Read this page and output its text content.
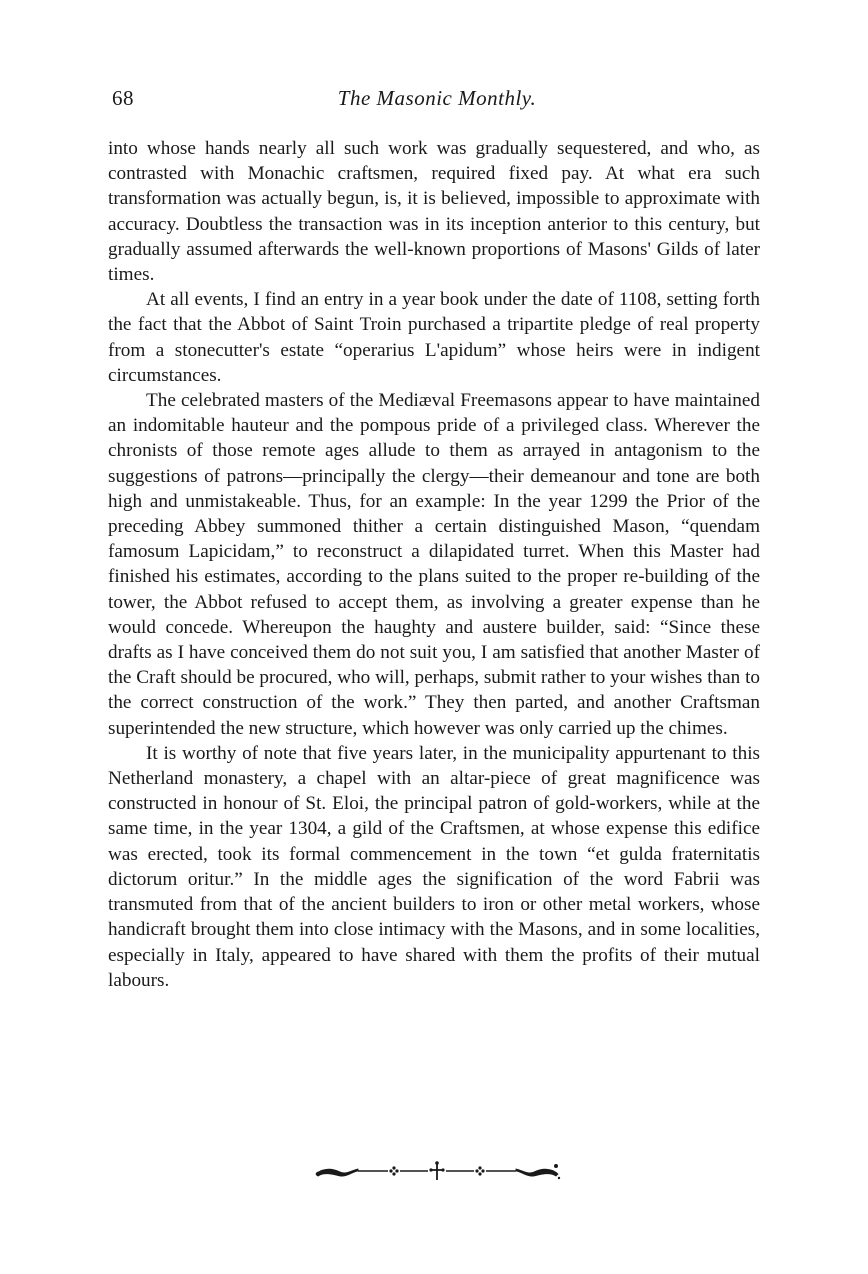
68	The Masonic Monthly.

into whose hands nearly all such work was gradually sequestered, and who, as contrasted with Monachic craftsmen, required fixed pay. At what era such transformation was actually begun, is, it is believed, impossible to approximate with accuracy. Doubtless the transaction was in its inception anterior to this century, but gradually assumed afterwards the well-known proportions of Masons' Gilds of later times.

At all events, I find an entry in a year book under the date of 1108, setting forth the fact that the Abbot of Saint Troin purchased a tripartite pledge of real property from a stonecutter's estate “operarius L'apidum” whose heirs were in indigent circumstances.

The celebrated masters of the Mediæval Freemasons appear to have maintained an indomitable hauteur and the pompous pride of a privileged class. Wherever the chronists of those remote ages allude to them as arrayed in antagonism to the suggestions of patrons—principally the clergy—their demeanour and tone are both high and unmistakeable. Thus, for an example: In the year 1299 the Prior of the preceding Abbey summoned thither a certain distinguished Mason, “quendam famosum Lapicidam,” to reconstruct a dilapidated turret. When this Master had finished his estimates, according to the plans suited to the proper re-building of the tower, the Abbot refused to accept them, as involving a greater expense than he would concede. Whereupon the haughty and austere builder, said: “Since these drafts as I have conceived them do not suit you, I am satisfied that another Master of the Craft should be procured, who will, perhaps, submit rather to your wishes than to the correct construction of the work.” They then parted, and another Craftsman superintended the new structure, which however was only carried up the chimes.

It is worthy of note that five years later, in the municipality appurtenant to this Netherland monastery, a chapel with an altar-piece of great magnificence was constructed in honour of St. Eloi, the principal patron of gold-workers, while at the same time, in the year 1304, a gild of the Craftsmen, at whose expense this edifice was erected, took its formal commencement in the town “et gulda fraternitatis dictorum oritur.” In the middle ages the signification of the word Fabrii was transmuted from that of the ancient builders to iron or other metal workers, whose handicraft brought them into close intimacy with the Masons, and in some localities, especially in Italy, appeared to have shared with them the profits of their mutual labours.
